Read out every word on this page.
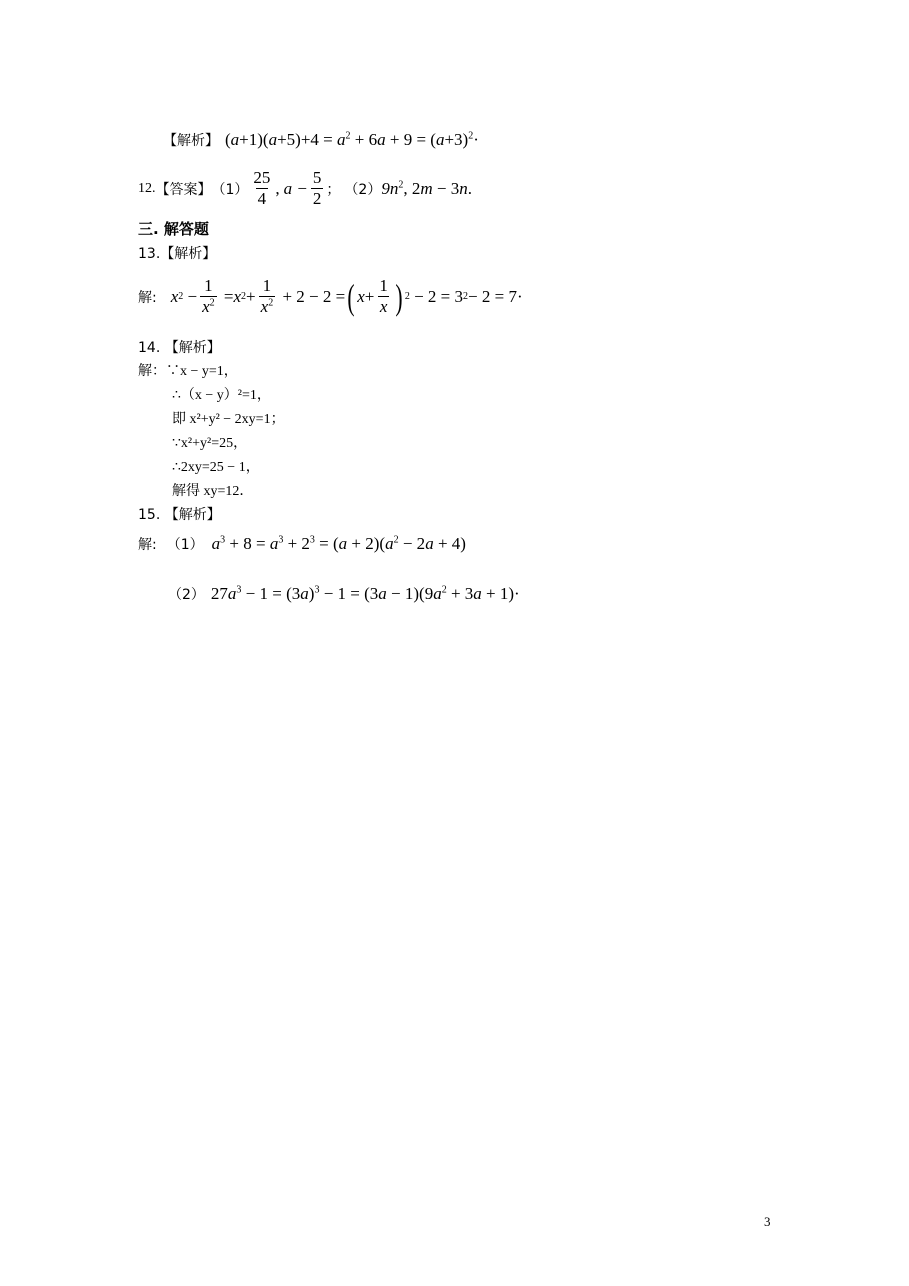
【解析】 $(a+1)(a+5)+4 = a^2 + 6a + 9 = (a+3)^2\cdot$
12. 【答案】 $(1) \frac{25}{4}$ , $a - \frac{5}{2}$ ； （2） $9n^2$, 2m − 3n.
三. 解答题
13.【解析】
解: x $2 - \frac{1}{x^2} = x$ $2 + \frac{1}{x^2} + 2 - 2$ = ( $x + \frac{1}{x}$ ) 2 − 2 = 3 2 − 2 = 7·
14. 【解析】
解：∵x − y=1，
∴（x − y）²=1，
即 x²+y² − 2xy=1；
∵x²+y²=25，
∴2xy=25 − 1，
解得 xy=12．
15. 【解析】
解: （1） $a^3 + 8 = a^3 + 2^3 = (a + 2)(a^2 - 2a + 4)$
（2） $27a^3 - 1 = (3a)^3 - 1 = (3a - 1)(9a^2 + 3a + 1)\cdot$
3
